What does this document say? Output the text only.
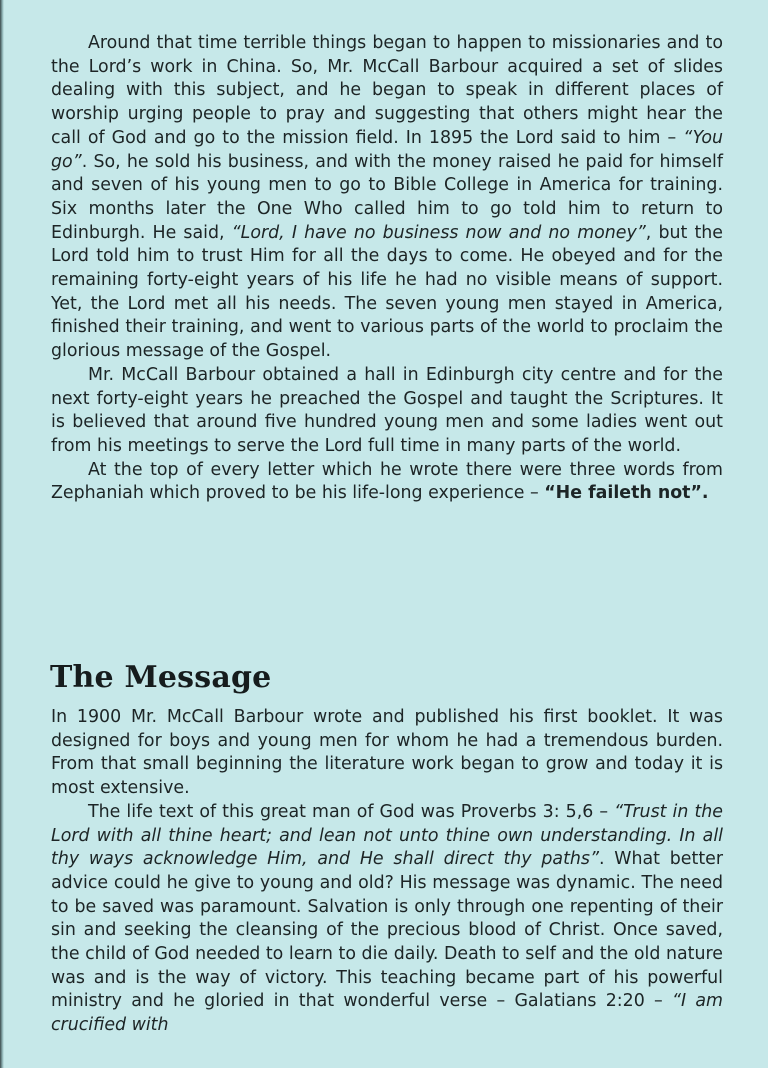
Around that time terrible things began to happen to missionaries and to the Lord’s work in China. So, Mr. McCall Barbour acquired a set of slides dealing with this subject, and he began to speak in different places of worship urging people to pray and suggesting that others might hear the call of God and go to the mission field. In 1895 the Lord said to him – “You go”. So, he sold his business, and with the money raised he paid for himself and seven of his young men to go to Bible College in America for training. Six months later the One Who called him to go told him to return to Edinburgh. He said, “Lord, I have no business now and no money”, but the Lord told him to trust Him for all the days to come. He obeyed and for the remaining forty-eight years of his life he had no visible means of support. Yet, the Lord met all his needs. The seven young men stayed in America, finished their training, and went to various parts of the world to proclaim the glorious message of the Gospel.

Mr. McCall Barbour obtained a hall in Edinburgh city centre and for the next forty-eight years he preached the Gospel and taught the Scriptures. It is believed that around five hundred young men and some ladies went out from his meetings to serve the Lord full time in many parts of the world.

At the top of every letter which he wrote there were three words from Zephaniah which proved to be his life-long experience – “He faileth not”.

The Message

In 1900 Mr. McCall Barbour wrote and published his first booklet. It was designed for boys and young men for whom he had a tremendous burden. From that small beginning the literature work began to grow and today it is most extensive.

The life text of this great man of God was Proverbs 3: 5,6 – “Trust in the Lord with all thine heart; and lean not unto thine own understanding. In all thy ways acknowledge Him, and He shall direct thy paths”. What better advice could he give to young and old? His message was dynamic. The need to be saved was paramount. Salvation is only through one repenting of their sin and seeking the cleansing of the precious blood of Christ. Once saved, the child of God needed to learn to die daily. Death to self and the old nature was and is the way of victory. This teaching became part of his powerful ministry and he gloried in that wonderful verse – Galatians 2:20 – “I am crucified with
